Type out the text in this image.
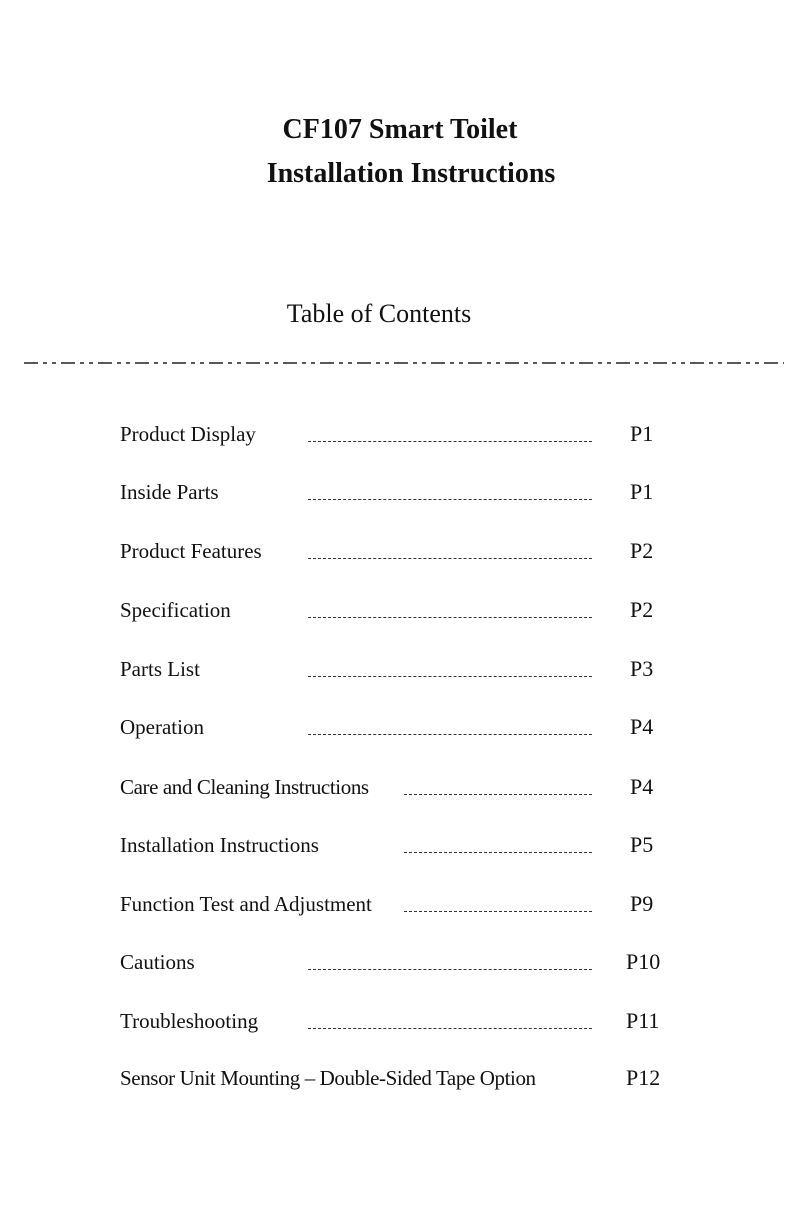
CF107 Smart Toilet
Installation Instructions
Table of Contents
Product Display	P1
Inside Parts	P1
Product Features	P2
Specification	P2
Parts List	P3
Operation	P4
Care and Cleaning Instructions	P4
Installation Instructions	P5
Function Test and Adjustment	P9
Cautions	P10
Troubleshooting	P11
Sensor Unit Mounting – Double-Sided Tape Option	P12
